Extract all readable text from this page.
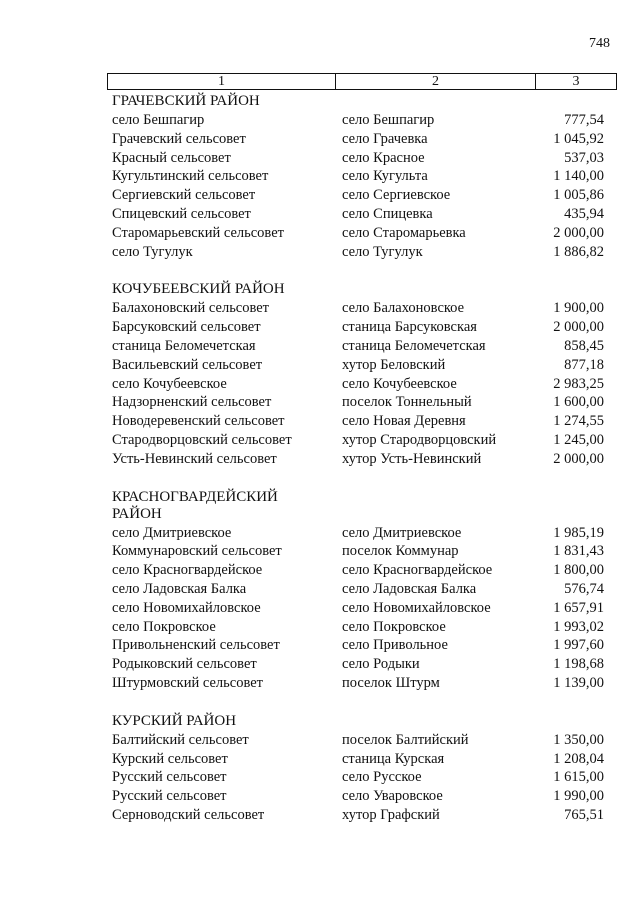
748
1	2	3
ГРАЧЕВСКИЙ РАЙОН
село Бешпагир	село Бешпагир	777,54
Грачевский сельсовет	село Грачевка	1 045,92
Красный сельсовет	село Красное	537,03
Кугультинский сельсовет	село Кугульта	1 140,00
Сергиевский сельсовет	село Сергиевское	1 005,86
Спицевский сельсовет	село Спицевка	435,94
Старомарьевский сельсовет	село Старомарьевка	2 000,00
село Тугулук	село Тугулук	1 886,82
КОЧУБЕЕВСКИЙ РАЙОН
Балахоновский сельсовет	село Балахоновское	1 900,00
Барсуковский сельсовет	станица Барсуковская	2 000,00
станица Беломечетская	станица Беломечетская	858,45
Васильевский сельсовет	хутор Беловский	877,18
село Кочубеевское	село Кочубеевское	2 983,25
Надзорненский сельсовет	поселок Тоннельный	1 600,00
Новодеревенский сельсовет	село Новая Деревня	1 274,55
Стародворцовский сельсовет	хутор Стародворцовский	1 245,00
Усть-Невинский сельсовет	хутор Усть-Невинский	2 000,00
КРАСНОГВАРДЕЙСКИЙ РАЙОН
село Дмитриевское	село Дмитриевское	1 985,19
Коммунаровский сельсовет	поселок Коммунар	1 831,43
село Красногвардейское	село Красногвардейское	1 800,00
село Ладовская Балка	село Ладовская Балка	576,74
село Новомихайловское	село Новомихайловское	1 657,91
село Покровское	село Покровское	1 993,02
Привольненский сельсовет	село Привольное	1 997,60
Родыковский сельсовет	село Родыки	1 198,68
Штурмовский сельсовет	поселок Штурм	1 139,00
КУРСКИЙ РАЙОН
Балтийский сельсовет	поселок Балтийский	1 350,00
Курский сельсовет	станица Курская	1 208,04
Русский сельсовет	село Русское	1 615,00
Русский сельсовет	село Уваровское	1 990,00
Серноводский сельсовет	хутор Графский	765,51
